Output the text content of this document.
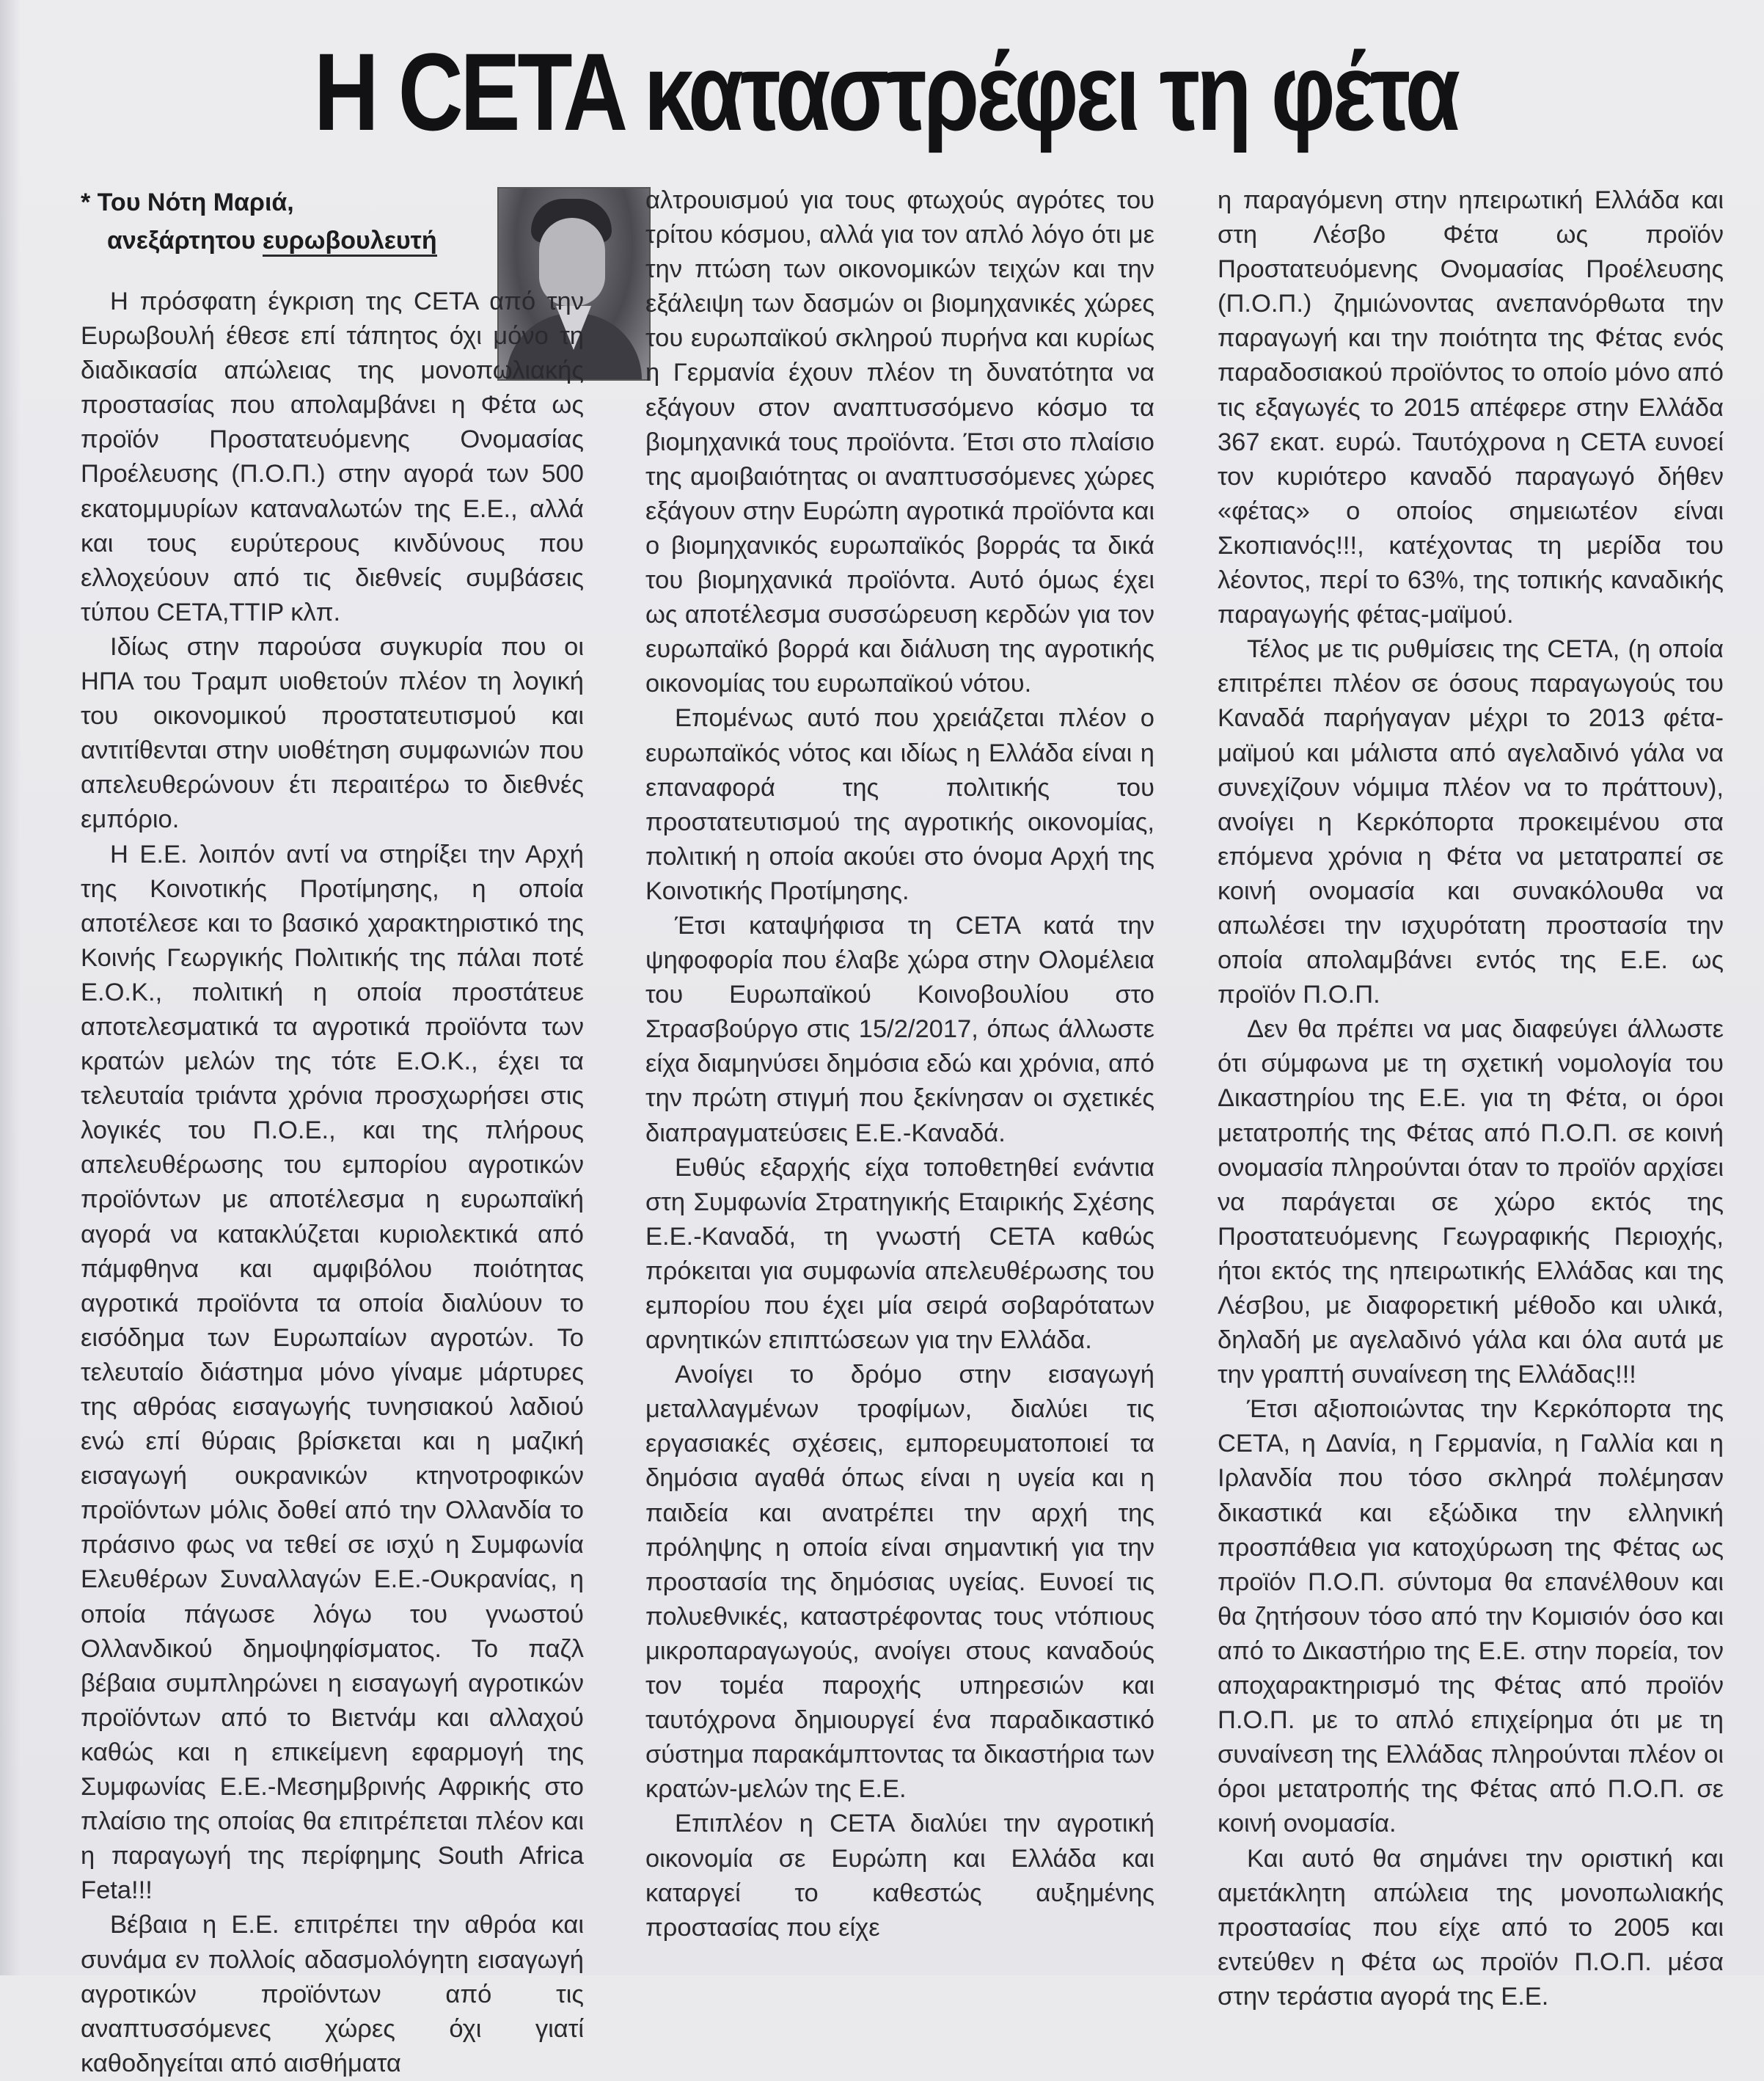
Η CETA καταστρέφει τη φέτα
* Του Νότη Μαριά,
ανεξάρτητου ευρωβουλευτή

Η πρόσφατη έγκριση της CETA από την Ευρωβουλή έθεσε επί τάπητος όχι μόνο τη διαδικασία απώλειας της μονοπωλιακής προστασίας που απολαμβάνει η Φέτα ως προϊόν Προστατευόμενης Ονομασίας Προέλευσης (Π.Ο.Π.) στην αγορά των 500 εκατομμυρίων καταναλωτών της Ε.Ε., αλλά και τους ευρύτερους κινδύνους που ελλοχεύουν από τις διεθνείς συμβάσεις τύπου CETA,TTIP κλπ.

Ιδίως στην παρούσα συγκυρία που οι ΗΠΑ του Τραμπ υιοθετούν πλέον τη λογική του οικονομικού προστατευτισμού και αντιτίθενται στην υιοθέτηση συμφωνιών που απελευθερώνουν έτι περαιτέρω το διεθνές εμπόριο.

Η Ε.Ε. λοιπόν αντί να στηρίξει την Αρχή της Κοινοτικής Προτίμησης, η οποία αποτέλεσε και το βασικό χαρακτηριστικό της Κοινής Γεωργικής Πολιτικής της πάλαι ποτέ Ε.Ο.Κ., πολιτική η οποία προστάτευε αποτελεσματικά τα αγροτικά προϊόντα των κρατών μελών της τότε Ε.Ο.Κ., έχει τα τελευταία τριάντα χρόνια προσχωρήσει στις λογικές του Π.Ο.Ε., και της πλήρους απελευθέρωσης του εμπορίου αγροτικών προϊόντων με αποτέλεσμα η ευρωπαϊκή αγορά να κατακλύζεται κυριολεκτικά από πάμφθηνα και αμφιβόλου ποιότητας αγροτικά προϊόντα τα οποία διαλύουν το εισόδημα των Ευρωπαίων αγροτών. Το τελευταίο διάστημα μόνο γίναμε μάρτυρες της αθρόας εισαγωγής τυνησιακού λαδιού ενώ επί θύραις βρίσκεται και η μαζική εισαγωγή ουκρανικών κτηνοτροφικών προϊόντων μόλις δοθεί από την Ολλανδία το πράσινο φως να τεθεί σε ισχύ η Συμφωνία Ελευθέρων Συναλλαγών Ε.Ε.-Ουκρανίας, η οποία πάγωσε λόγω του γνωστού Ολλανδικού δημοψηφίσματος. Το παζλ βέβαια συμπληρώνει η εισαγωγή αγροτικών προϊόντων από το Βιετνάμ και αλλαχού καθώς και η επικείμενη εφαρμογή της Συμφωνίας Ε.Ε.-Μεσημβρινής Αφρικής στο πλαίσιο της οποίας θα επιτρέπεται πλέον και η παραγωγή της περίφημης South Africa Feta!!!

Βέβαια η Ε.Ε. επιτρέπει την αθρόα και συνάμα εν πολλοίς αδασμολόγητη εισαγωγή αγροτικών προϊόντων από τις αναπτυσσόμενες χώρες όχι γιατί καθοδηγείται από αισθήματα

αλτρουισμού για τους φτωχούς αγρότες του τρίτου κόσμου, αλλά για τον απλό λόγο ότι με την πτώση των οικονομικών τειχών και την εξάλειψη των δασμών οι βιομηχανικές χώρες του ευρωπαϊκού σκληρού πυρήνα και κυρίως η Γερμανία έχουν πλέον τη δυνατότητα να εξάγουν στον αναπτυσσόμενο κόσμο τα βιομηχανικά τους προϊόντα. Έτσι στο πλαίσιο της αμοιβαιότητας οι αναπτυσσόμενες χώρες εξάγουν στην Ευρώπη αγροτικά προϊόντα και ο βιομηχανικός ευρωπαϊκός βορράς τα δικά του βιομηχανικά προϊόντα. Αυτό όμως έχει ως αποτέλεσμα συσσώρευση κερδών για τον ευρωπαϊκό βορρά και διάλυση της αγροτικής οικονομίας του ευρωπαϊκού νότου.

Επομένως αυτό που χρειάζεται πλέον ο ευρωπαϊκός νότος και ιδίως η Ελλάδα είναι η επαναφορά της πολιτικής του προστατευτισμού της αγροτικής οικονομίας, πολιτική η οποία ακούει στο όνομα Αρχή της Κοινοτικής Προτίμησης.

Έτσι καταψήφισα τη CETA κατά την ψηφοφορία που έλαβε χώρα στην Ολομέλεια του Ευρωπαϊκού Κοινοβουλίου στο Στρασβούργο στις 15/2/2017, όπως άλλωστε είχα διαμηνύσει δημόσια εδώ και χρόνια, από την πρώτη στιγμή που ξεκίνησαν οι σχετικές διαπραγματεύσεις Ε.Ε.-Καναδά.

Ευθύς εξαρχής είχα τοποθετηθεί ενάντια στη Συμφωνία Στρατηγικής Εταιρικής Σχέσης Ε.Ε.-Καναδά, τη γνωστή CETA καθώς πρόκειται για συμφωνία απελευθέρωσης του εμπορίου που έχει μία σειρά σοβαρότατων αρνητικών επιπτώσεων για την Ελλάδα.

Ανοίγει το δρόμο στην εισαγωγή μεταλλαγμένων τροφίμων, διαλύει τις εργασιακές σχέσεις, εμπορευματοποιεί τα δημόσια αγαθά όπως είναι η υγεία και η παιδεία και ανατρέπει την αρχή της πρόληψης η οποία είναι σημαντική για την προστασία της δημόσιας υγείας. Ευνοεί τις πολυεθνικές, καταστρέφοντας τους ντόπιους μικροπαραγωγούς, ανοίγει στους καναδούς τον τομέα παροχής υπηρεσιών και ταυτόχρονα δημιουργεί ένα παραδικαστικό σύστημα παρακάμπτοντας τα δικαστήρια των κρατών-μελών της Ε.Ε.

Επιπλέον η CETA διαλύει την αγροτική οικονομία σε Ευρώπη και Ελλάδα και καταργεί το καθεστώς αυξημένης προστασίας που είχε

η παραγόμενη στην ηπειρωτική Ελλάδα και στη Λέσβο Φέτα ως προϊόν Προστατευόμενης Ονομασίας Προέλευσης (Π.Ο.Π.) ζημιώνοντας ανεπανόρθωτα την παραγωγή και την ποιότητα της Φέτας ενός παραδοσιακού προϊόντος το οποίο μόνο από τις εξαγωγές το 2015 απέφερε στην Ελλάδα 367 εκατ. ευρώ. Ταυτόχρονα η CETA ευνοεί τον κυριότερο καναδό παραγωγό δήθεν «φέτας» ο οποίος σημειωτέον είναι Σκοπιανός!!!, κατέχοντας τη μερίδα του λέοντος, περί το 63%, της τοπικής καναδικής παραγωγής φέτας-μαϊμού.

Τέλος με τις ρυθμίσεις της CETA, (η οποία επιτρέπει πλέον σε όσους παραγωγούς του Καναδά παρήγαγαν μέχρι το 2013 φέτα-μαϊμού και μάλιστα από αγελαδινό γάλα να συνεχίζουν νόμιμα πλέον να το πράττουν), ανοίγει η Κερκόπορτα προκειμένου στα επόμενα χρόνια η Φέτα να μετατραπεί σε κοινή ονομασία και συνακόλουθα να απωλέσει την ισχυρότατη προστασία την οποία απολαμβάνει εντός της Ε.Ε. ως προϊόν Π.Ο.Π.

Δεν θα πρέπει να μας διαφεύγει άλλωστε ότι σύμφωνα με τη σχετική νομολογία του Δικαστηρίου της Ε.Ε. για τη Φέτα, οι όροι μετατροπής της Φέτας από Π.Ο.Π. σε κοινή ονομασία πληρούνται όταν το προϊόν αρχίσει να παράγεται σε χώρο εκτός της Προστατευόμενης Γεωγραφικής Περιοχής, ήτοι εκτός της ηπειρωτικής Ελλάδας και της Λέσβου, με διαφορετική μέθοδο και υλικά, δηλαδή με αγελαδινό γάλα και όλα αυτά με την γραπτή συναίνεση της Ελλάδας!!!

Έτσι αξιοποιώντας την Κερκόπορτα της CETA, η Δανία, η Γερμανία, η Γαλλία και η Ιρλανδία που τόσο σκληρά πολέμησαν δικαστικά και εξώδικα την ελληνική προσπάθεια για κατοχύρωση της Φέτας ως προϊόν Π.Ο.Π. σύντομα θα επανέλθουν και θα ζητήσουν τόσο από την Κομισιόν όσο και από το Δικαστήριο της Ε.Ε. στην πορεία, τον αποχαρακτηρισμό της Φέτας από προϊόν Π.Ο.Π. με το απλό επιχείρημα ότι με τη συναίνεση της Ελλάδας πληρούνται πλέον οι όροι μετατροπής της Φέτας από Π.Ο.Π. σε κοινή ονομασία.

Και αυτό θα σημάνει την οριστική και αμετάκλητη απώλεια της μονοπωλιακής προστασίας που είχε από το 2005 και εντεύθεν η Φέτα ως προϊόν Π.Ο.Π. μέσα στην τεράστια αγορά της Ε.Ε.
